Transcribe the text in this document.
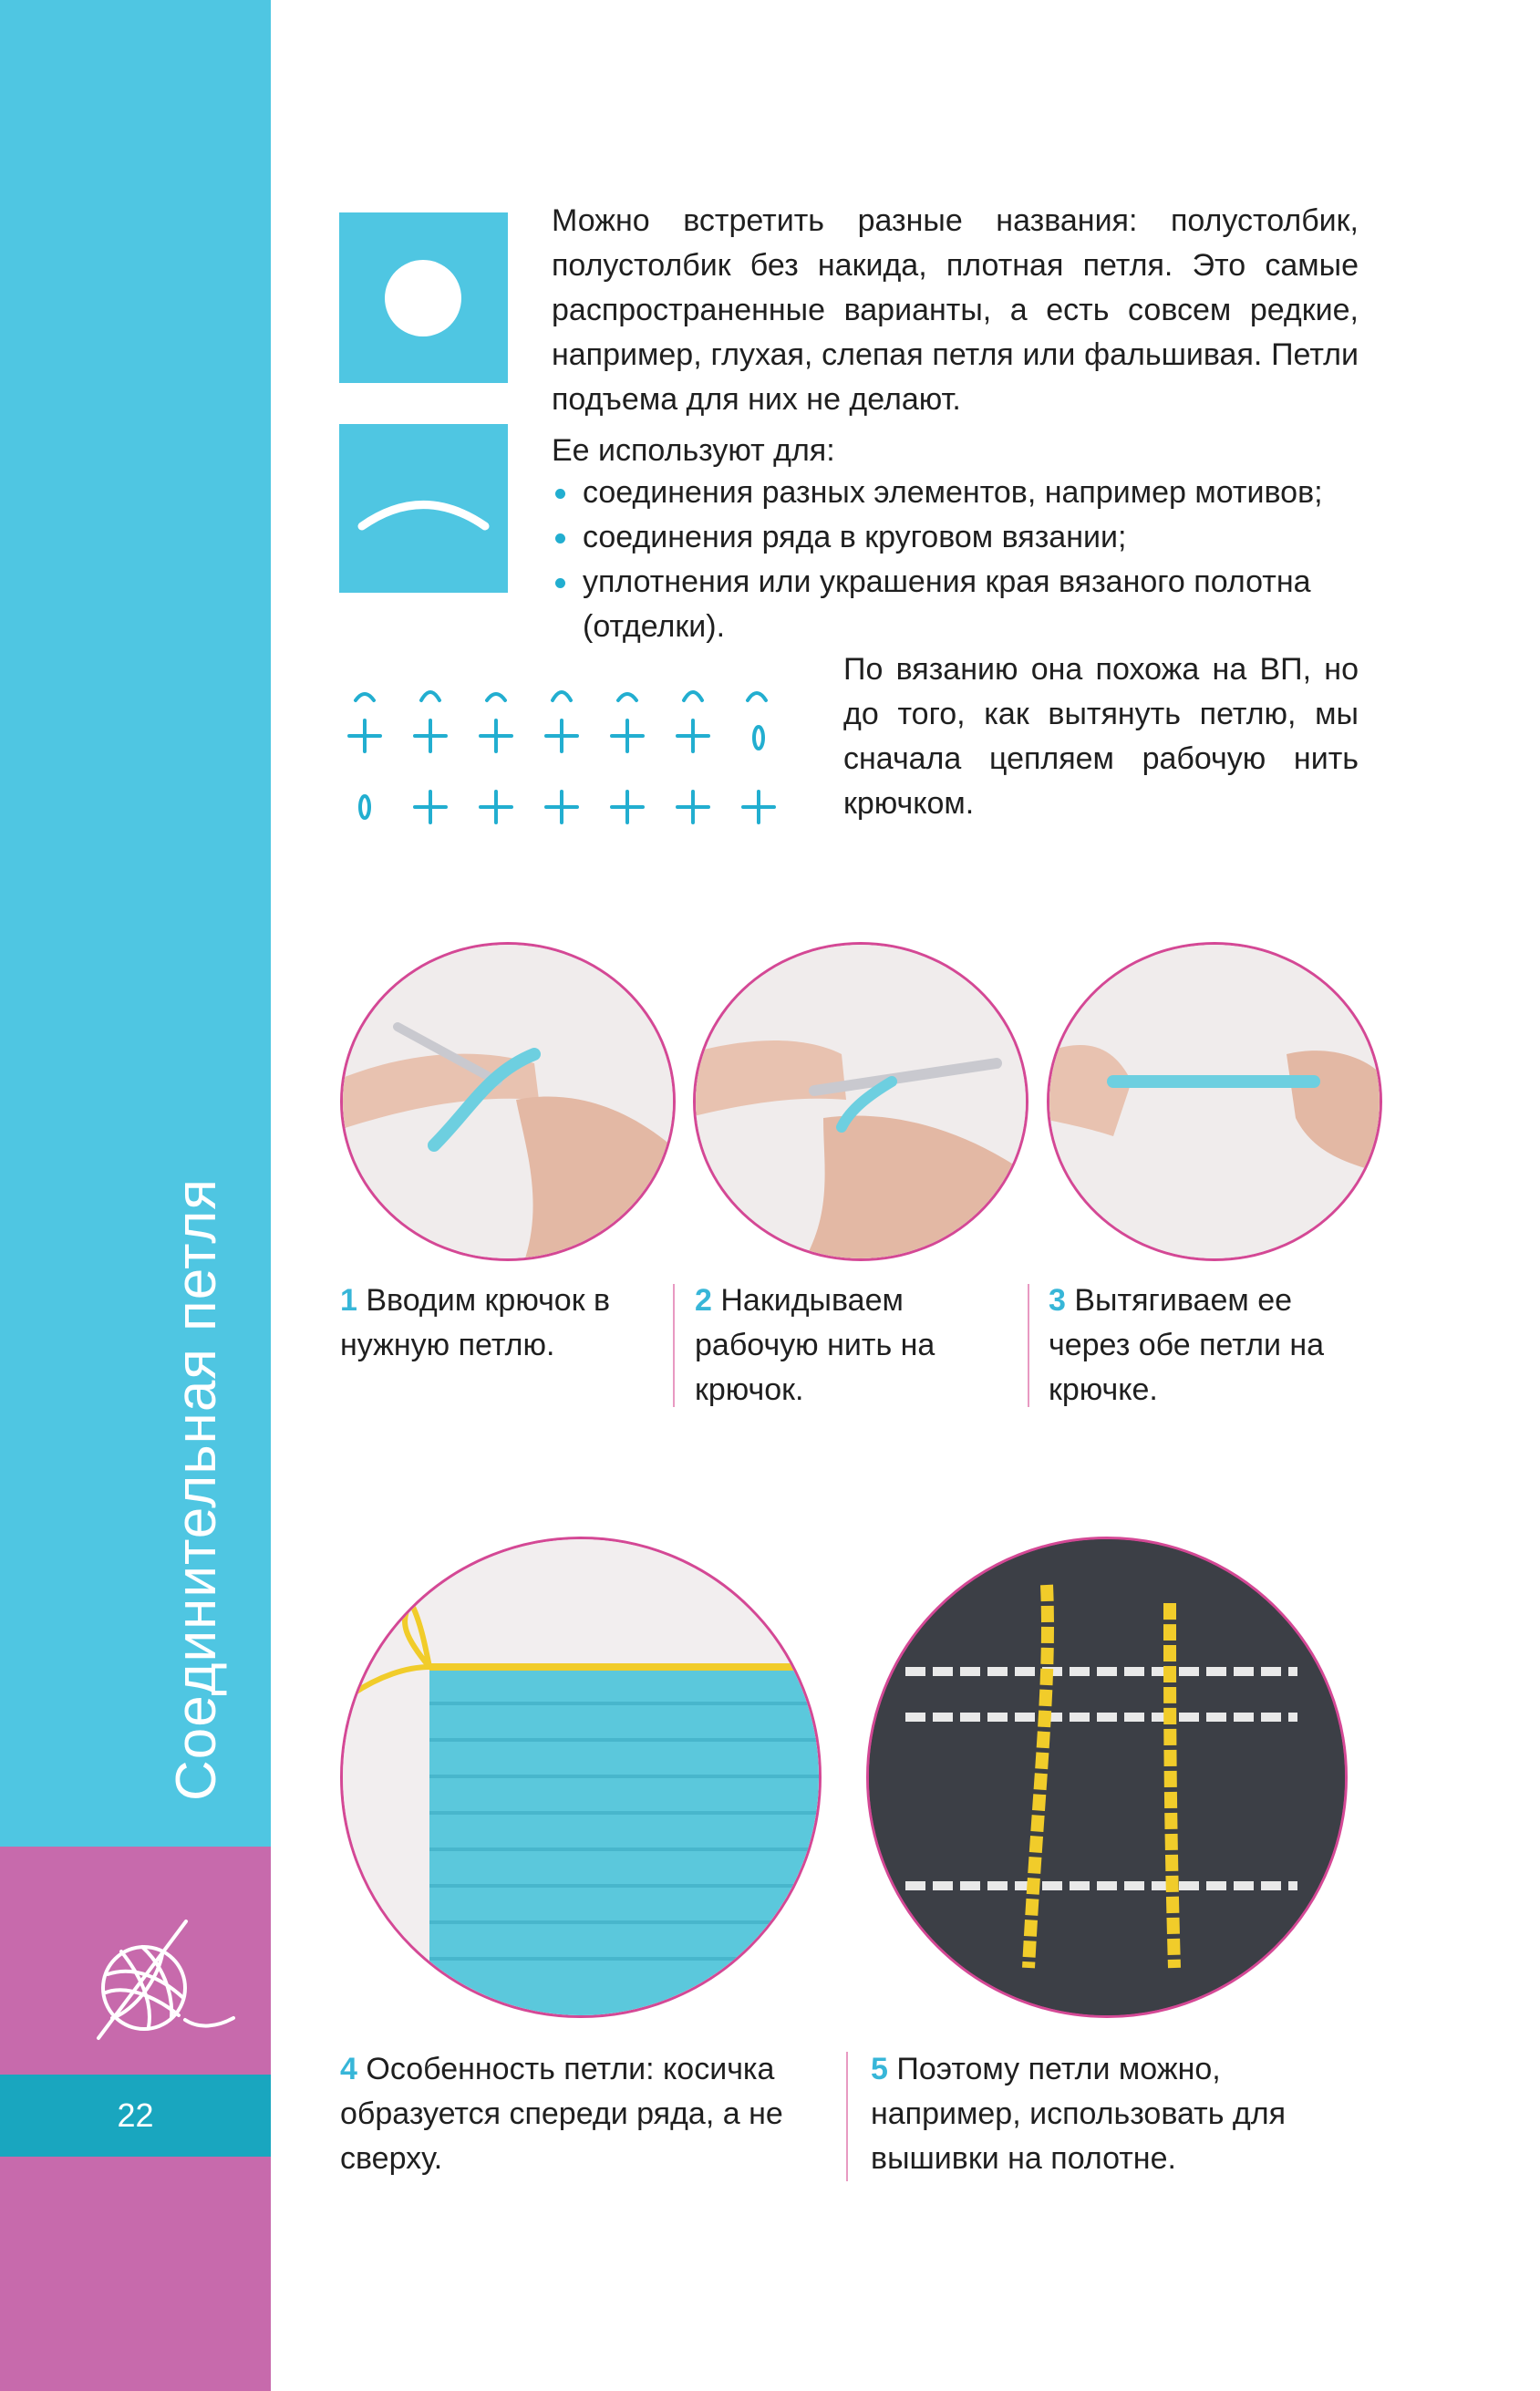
22
Соединительная петля

Можно встретить разные названия: полустолбик, полустолбик без накида, плотная петля. Это самые распространенные варианты, а есть совсем редкие, например, глухая, слепая петля или фальшивая. Петли подъема для них не делают.

Ее используют для:

соединения разных элементов, например мотивов;
соединения ряда в круговом вязании;
уплотнения или украшения края вязаного полотна (отделки).

По вязанию она похожа на ВП, но до того, как вытянуть петлю, мы сначала цепляем рабочую нить крючком.

1 Вводим крючок в нужную петлю.

2 Накидываем рабочую нить на крючок.

3 Вытягиваем ее через обе петли на крючке.

4 Особенность петли: косичка образуется спереди ряда, а не сверху.

5 Поэтому петли можно, например, использовать для вышивки на полотне.
